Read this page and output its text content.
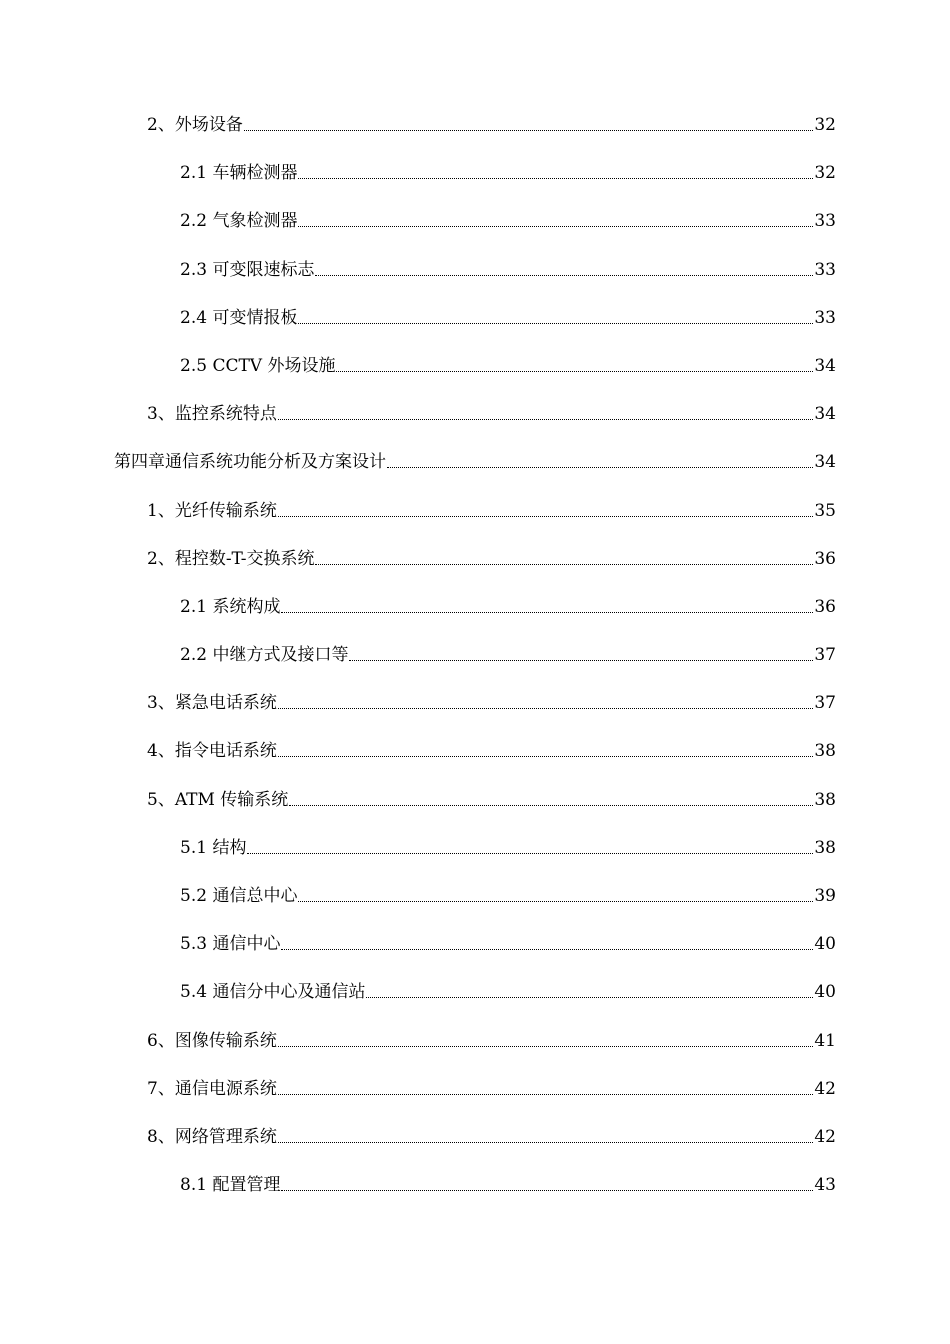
2、外场设备	32
2.1 车辆检测器	32
2.2 气象检测器	33
2.3 可变限速标志	33
2.4 可变情报板	33
2.5 CCTV 外场设施	34
3、监控系统特点	34
第四章通信系统功能分析及方案设计	34
1、光纤传输系统	35
2、程控数-T-交换系统	36
2.1 系统构成	36
2.2 中继方式及接口等	37
3、紧急电话系统	37
4、指令电话系统	38
5、ATM 传输系统	38
5.1 结构	38
5.2 通信总中心	39
5.3 通信中心	40
5.4 通信分中心及通信站	40
6、图像传输系统	41
7、通信电源系统	42
8、网络管理系统	42
8.1 配置管理	43
